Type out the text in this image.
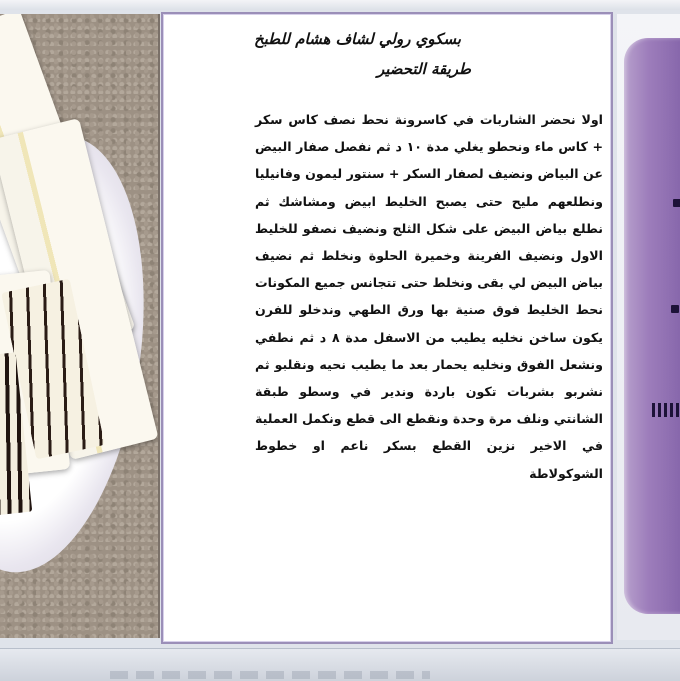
بسكوي رولي لشاف هشام للطبخ
طريقة التحضير
اولا نحضر الشاربات في كاسرونة نحط نصف كاس سكر + كاس ماء ونحطو يغلي مدة ١٠ د ثم نفصل صفار البيض عن البياض ونضيف لصفار السكر + سنتور ليمون وفانيليا ونطلعهم مليح حتى يصبح الخليط ابيض ومشاشك ثم نطلع بياض البيض على شكل الثلج ونضيف نصفو للخليط الاول ونضيف الفرينة وخميرة الحلوة ونخلط ثم نضيف بياض البيض لي بقى ونخلط حتى تتجانس جميع المكونات نحط الخليط فوق صنية بها ورق الطهي وندخلو للفرن يكون ساخن نخليه يطيب من الاسفل مدة ٨ د ثم نطفي ونشعل الفوق ونخليه يحمار بعد ما يطيب نحيه ونقلبو ثم نشربو بشربات تكون باردة وندير في وسطو طبقة الشانتي ونلف مرة وحدة ونقطع الى قطع ونكمل العملية في الاخير نزين القطع بسكر ناعم او خطوط الشوكولاطة
